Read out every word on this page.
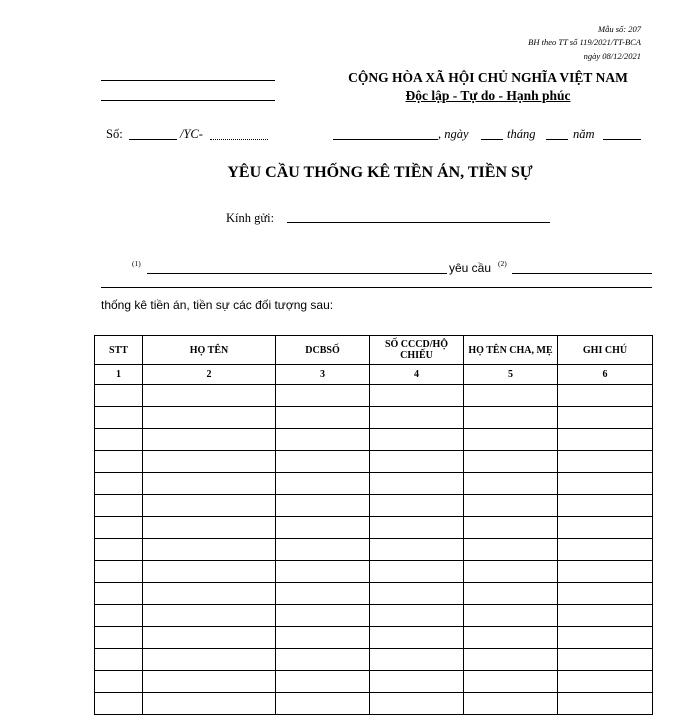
Mẫu số: 207
BH theo TT số 119/2021/TT-BCA
ngày 08/12/2021
CỘNG HÒA XÃ HỘI CHỦ NGHĨA VIỆT NAM
Độc lập - Tự do - Hạnh phúc
Số:	/YC-	, ngày	tháng	năm
YÊU CẦU THỐNG KÊ TIỀN ÁN, TIỀN SỰ
Kính gửi:
(1)	yêu cầu (2)
thống kê tiền án, tiền sự các đối tượng sau:
STT	HỌ TÊN	DCBSỐ	SỐ CCCD/HỘ CHIẾU	HỌ TÊN CHA, MẸ	GHI CHÚ
1	2	3	4	5	6
